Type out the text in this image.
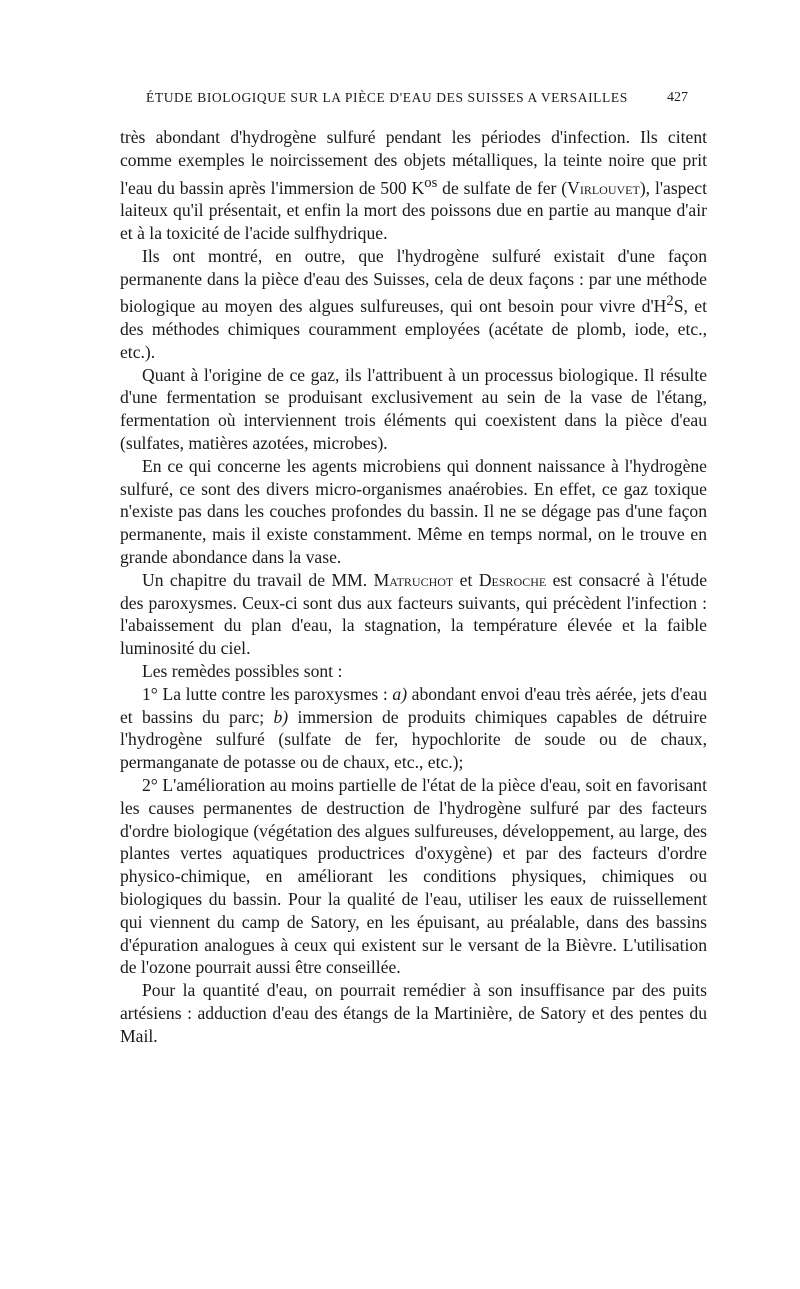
ÉTUDE BIOLOGIQUE SUR LA PIÈCE D'EAU DES SUISSES A VERSAILLES	427

très abondant d'hydrogène sulfuré pendant les périodes d'infection. Ils citent comme exemples le noircissement des objets métalliques, la teinte noire que prit l'eau du bassin après l'immersion de 500 $K^{os}$ de sulfate de fer (Virlouvet), l'aspect laiteux qu'il présentait, et enfin la mort des poissons due en partie au manque d'air et à la toxicité de l'acide sulfhydrique.

Ils ont montré, en outre, que l'hydrogène sulfuré existait d'une façon permanente dans la pièce d'eau des Suisses, cela de deux façons : par une méthode biologique au moyen des algues sulfureuses, qui ont besoin pour vivre $d'H^2S$, et des méthodes chimiques couramment employées (acétate de plomb, iode, etc., etc.).

Quant à l'origine de ce gaz, ils l'attribuent à un processus biologique. Il résulte d'une fermentation se produisant exclusivement au sein de la vase de l'étang, fermentation où interviennent trois éléments qui coexistent dans la pièce d'eau (sulfates, matières azotées, microbes).

En ce qui concerne les agents microbiens qui donnent naissance à l'hydrogène sulfuré, ce sont des divers micro-organismes anaérobies. En effet, ce gaz toxique n'existe pas dans les couches profondes du bassin. Il ne se dégage pas d'une façon permanente, mais il existe constamment. Même en temps normal, on le trouve en grande abondance dans la vase.

Un chapitre du travail de MM. Matruchot et Desroche est consacré à l'étude des paroxysmes. Ceux-ci sont dus aux facteurs suivants, qui précèdent l'infection : l'abaissement du plan d'eau, la stagnation, la température élevée et la faible luminosité du ciel.

Les remèdes possibles sont :

1° La lutte contre les paroxysmes : a) abondant envoi d'eau très aérée, jets d'eau et bassins du parc; b) immersion de produits chimiques capables de détruire l'hydrogène sulfuré (sulfate de fer, hypochlorite de soude ou de chaux, permanganate de potasse ou de chaux, etc., etc.);

2° L'amélioration au moins partielle de l'état de la pièce d'eau, soit en favorisant les causes permanentes de destruction de l'hydrogène sulfuré par des facteurs d'ordre biologique (végétation des algues sulfureuses, développement, au large, des plantes vertes aquatiques productrices d'oxygène) et par des facteurs d'ordre physico-chimique, en améliorant les conditions physiques, chimiques ou biologiques du bassin. Pour la qualité de l'eau, utiliser les eaux de ruissellement qui viennent du camp de Satory, en les épuisant, au préalable, dans des bassins d'épuration analogues à ceux qui existent sur le versant de la Bièvre. L'utilisation de l'ozone pourrait aussi être conseillée.

Pour la quantité d'eau, on pourrait remédier à son insuffisance par des puits artésiens : adduction d'eau des étangs de la Martinière, de Satory et des pentes du Mail.
